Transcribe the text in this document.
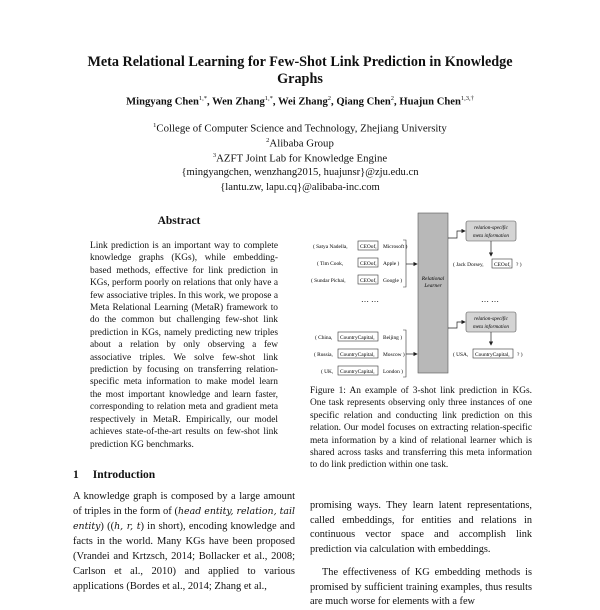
Meta Relational Learning for Few-Shot Link Prediction in Knowledge Graphs
Mingyang Chen$^{1,*}$, Wen Zhang$^{1,*}$, Wei Zhang$^2$, Qiang Chen$^2$, Huajun Chen$^{1,3,\dagger}$
$^1$College of Computer Science and Technology, Zhejiang University
$^2$Alibaba Group
$^3$AZFT Joint Lab for Knowledge Engine
{mingyangchen, wenzhang2015, huajunsr}@zju.edu.cn
{lantu.zw, lapu.cq}@alibaba-inc.com
Abstract
Link prediction is an important way to complete knowledge graphs (KGs), while embedding-based methods, effective for link prediction in KGs, perform poorly on relations that only have a few associative triples. In this work, we propose a Meta Relational Learning (MetaR) framework to do the common but challenging few-shot link prediction in KGs, namely predicting new triples about a relation by only observing a few associative triples. We solve few-shot link prediction by focusing on transferring relation-specific meta information to make model learn the most important knowledge and learn faster, corresponding to relation meta and gradient meta respectively in MetaR. Empirically, our model achieves state-of-the-art results on few-shot link prediction KG benchmarks.
1 Introduction
A knowledge graph is composed by a large amount of triples in the form of (head entity, relation, tail entity) ((h, r, t) in short), encoding knowledge and facts in the world. Many KGs have been proposed (Vrandei and Krtzsch, 2014; Bollacker et al., 2008; Carlson et al., 2010) and applied to various applications (Bordes et al., 2014; Zhang et al.,
( Satya Nadella, CEOof, Microsoft )
( Tim Cook,	CEOof, Apple )
( Sundar Pichai,	CEOof, Google )
… …
( China, CountryCapital, Beijing )
( Russia, CountryCapital, Moscow )
( UK, CountryCapital, London )
Relational
Learner
relation-specific
meta information
relation-specific
meta information
( Jack Dorsey, CEOof, ? )
( USA, CountryCapital, ? )
… …
Figure 1: An example of 3-shot link prediction in KGs. One task represents observing only three instances of one specific relation and conducting link prediction on this relation. Our model focuses on extracting relation-specific meta information by a kind of relational learner which is shared across tasks and transferring this meta information to do link prediction within one task.

promising ways. They learn latent representations, called embeddings, for entities and relations in continuous vector space and accomplish link prediction via calculation with embeddings.

The effectiveness of KG embedding methods is promised by sufficient training examples, thus results are much worse for elements with a few
